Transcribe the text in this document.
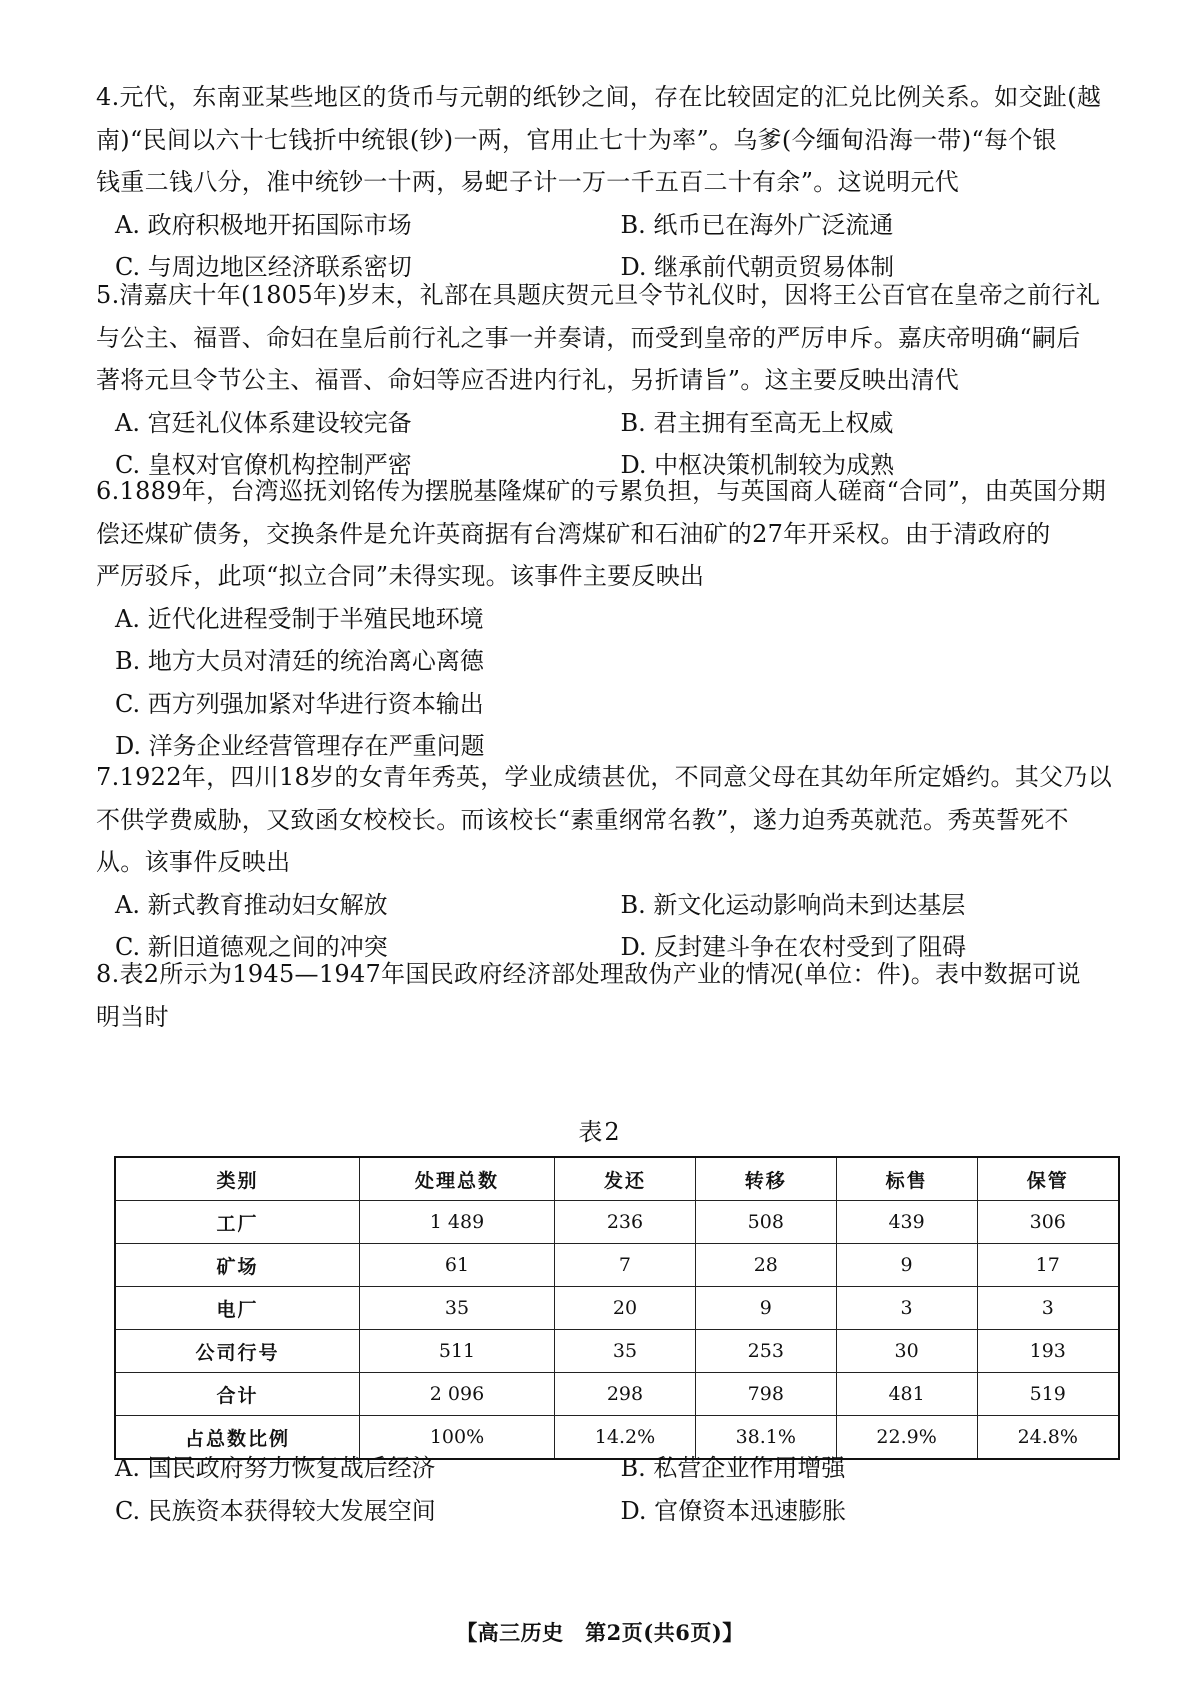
4.元代，东南亚某些地区的货币与元朝的纸钞之间，存在比较固定的汇兑比例关系。如交趾(越
南)“民间以六十七钱折中统银(钞)一两，官用止七十为率”。乌爹(今缅甸沿海一带)“每个银
钱重二钱八分，准中统钞一十两，易蚆子计一万一千五百二十有余”。这说明元代
A. 政府积极地开拓国际市场	B. 纸币已在海外广泛流通
C. 与周边地区经济联系密切	D. 继承前代朝贡贸易体制
5.清嘉庆十年(1805年)岁末，礼部在具题庆贺元旦令节礼仪时，因将王公百官在皇帝之前行礼
与公主、福晋、命妇在皇后前行礼之事一并奏请，而受到皇帝的严厉申斥。嘉庆帝明确“嗣后
著将元旦令节公主、福晋、命妇等应否进内行礼，另折请旨”。这主要反映出清代
A. 宫廷礼仪体系建设较完备	B. 君主拥有至高无上权威
C. 皇权对官僚机构控制严密	D. 中枢决策机制较为成熟
6.1889年，台湾巡抚刘铭传为摆脱基隆煤矿的亏累负担，与英国商人磋商“合同”，由英国分期
偿还煤矿债务，交换条件是允许英商据有台湾煤矿和石油矿的27年开采权。由于清政府的
严厉驳斥，此项“拟立合同”未得实现。该事件主要反映出
A. 近代化进程受制于半殖民地环境
B. 地方大员对清廷的统治离心离德
C. 西方列强加紧对华进行资本输出
D. 洋务企业经营管理存在严重问题
7.1922年，四川18岁的女青年秀英，学业成绩甚优，不同意父母在其幼年所定婚约。其父乃以
不供学费威胁，又致函女校校长。而该校长“素重纲常名教”，遂力迫秀英就范。秀英誓死不
从。该事件反映出
A. 新式教育推动妇女解放	B. 新文化运动影响尚未到达基层
C. 新旧道德观之间的冲突	D. 反封建斗争在农村受到了阻碍
8.表2所示为1945—1947年国民政府经济部处理敌伪产业的情况(单位：件)。表中数据可说
明当时
表2
类别	处理总数	发还	转移	标售	保管
工厂	1 489	236	508	439	306
矿场	61	7	28	9	17
电厂	35	20	9	3	3
公司行号	511	35	253	30	193
合计	2 096	298	798	481	519
占总数比例	100%	14.2%	38.1%	22.9%	24.8%
A. 国民政府努力恢复战后经济	B. 私营企业作用增强
C. 民族资本获得较大发展空间	D. 官僚资本迅速膨胀
【高三历史　第2页(共6页)】
